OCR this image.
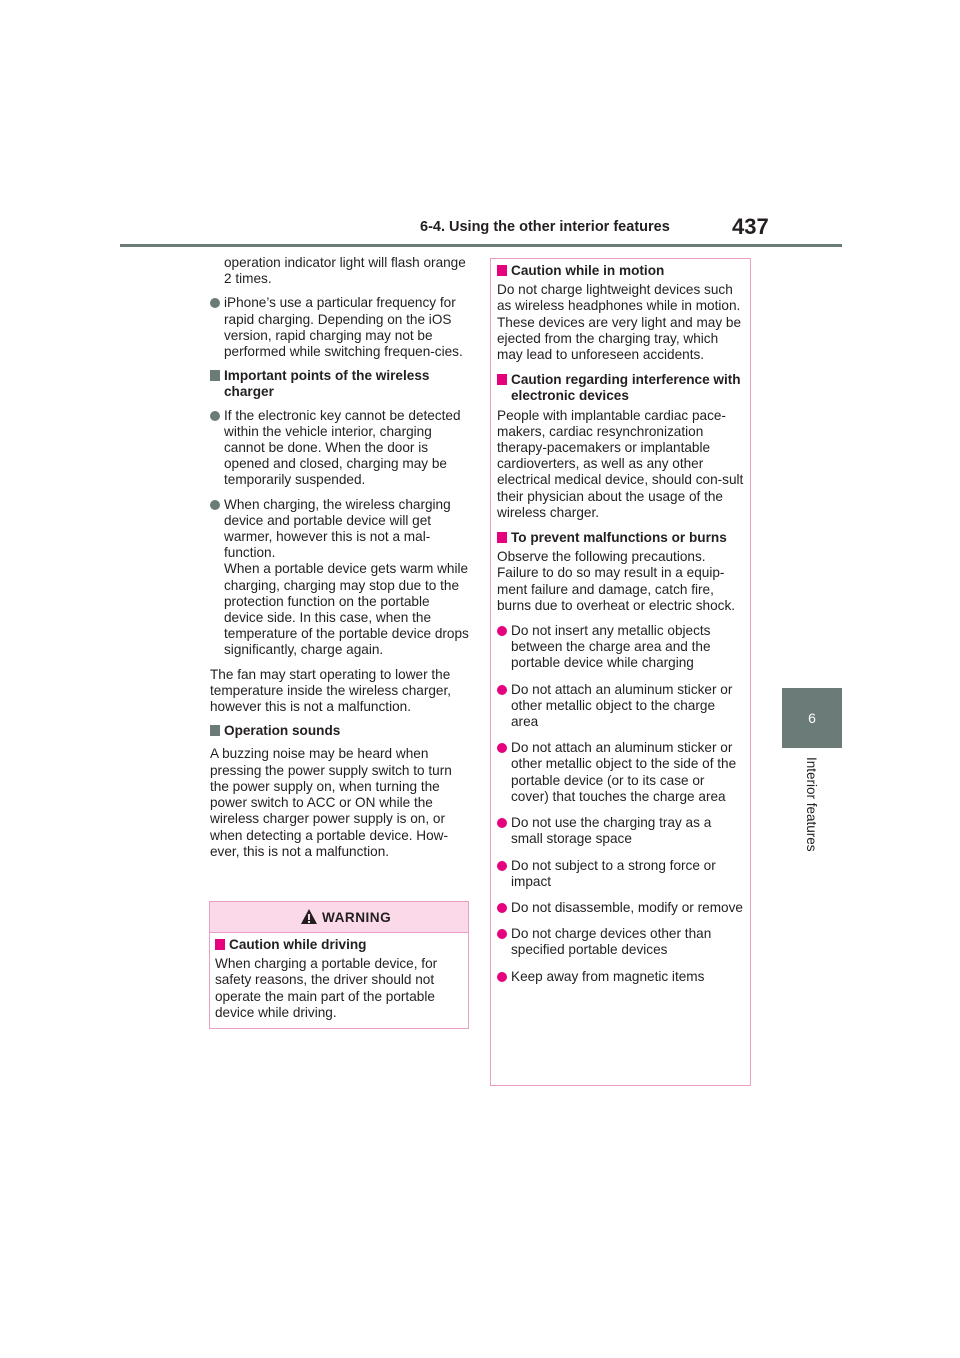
6-4. Using the other interior features	437
6
Interior features
operation indicator light will flash orange 2 times.
iPhone’s use a particular frequency for rapid charging. Depending on the iOS version, rapid charging may not be performed while switching frequen-cies.
Important points of the wireless charger
If the electronic key cannot be detected within the vehicle interior, charging cannot be done. When the door is opened and closed, charging may be temporarily suspended.
When charging, the wireless charging device and portable device will get warmer, however this is not a mal-function.
When a portable device gets warm while charging, charging may stop due to the protection function on the portable device side. In this case, when the temperature of the portable device drops significantly, charge again.

The fan may start operating to lower the temperature inside the wireless charger, however this is not a malfunction.

Operation sounds

A buzzing noise may be heard when pressing the power supply switch to turn the power supply on, when turning the power switch to ACC or ON while the wireless charger power supply is on, or when detecting a portable device. How-ever, this is not a malfunction.

WARNING
Caution while driving

When charging a portable device, for safety reasons, the driver should not operate the main part of the portable device while driving.

Caution while in motion

Do not charge lightweight devices such as wireless headphones while in motion. These devices are very light and may be ejected from the charging tray, which may lead to unforeseen accidents.

Caution regarding interference with electronic devices

People with implantable cardiac pace-makers, cardiac resynchronization therapy-pacemakers or implantable cardioverters, as well as any other electrical medical device, should con-sult their physician about the usage of the wireless charger.

To prevent malfunctions or burns

Observe the following precautions. Failure to do so may result in a equip-ment failure and damage, catch fire, burns due to overheat or electric shock.

Do not insert any metallic objects between the charge area and the portable device while charging
Do not attach an aluminum sticker or other metallic object to the charge area
Do not attach an aluminum sticker or other metallic object to the side of the portable device (or to its case or cover) that touches the charge area
Do not use the charging tray as a small storage space
Do not subject to a strong force or impact
Do not disassemble, modify or remove
Do not charge devices other than specified portable devices
Keep away from magnetic items
